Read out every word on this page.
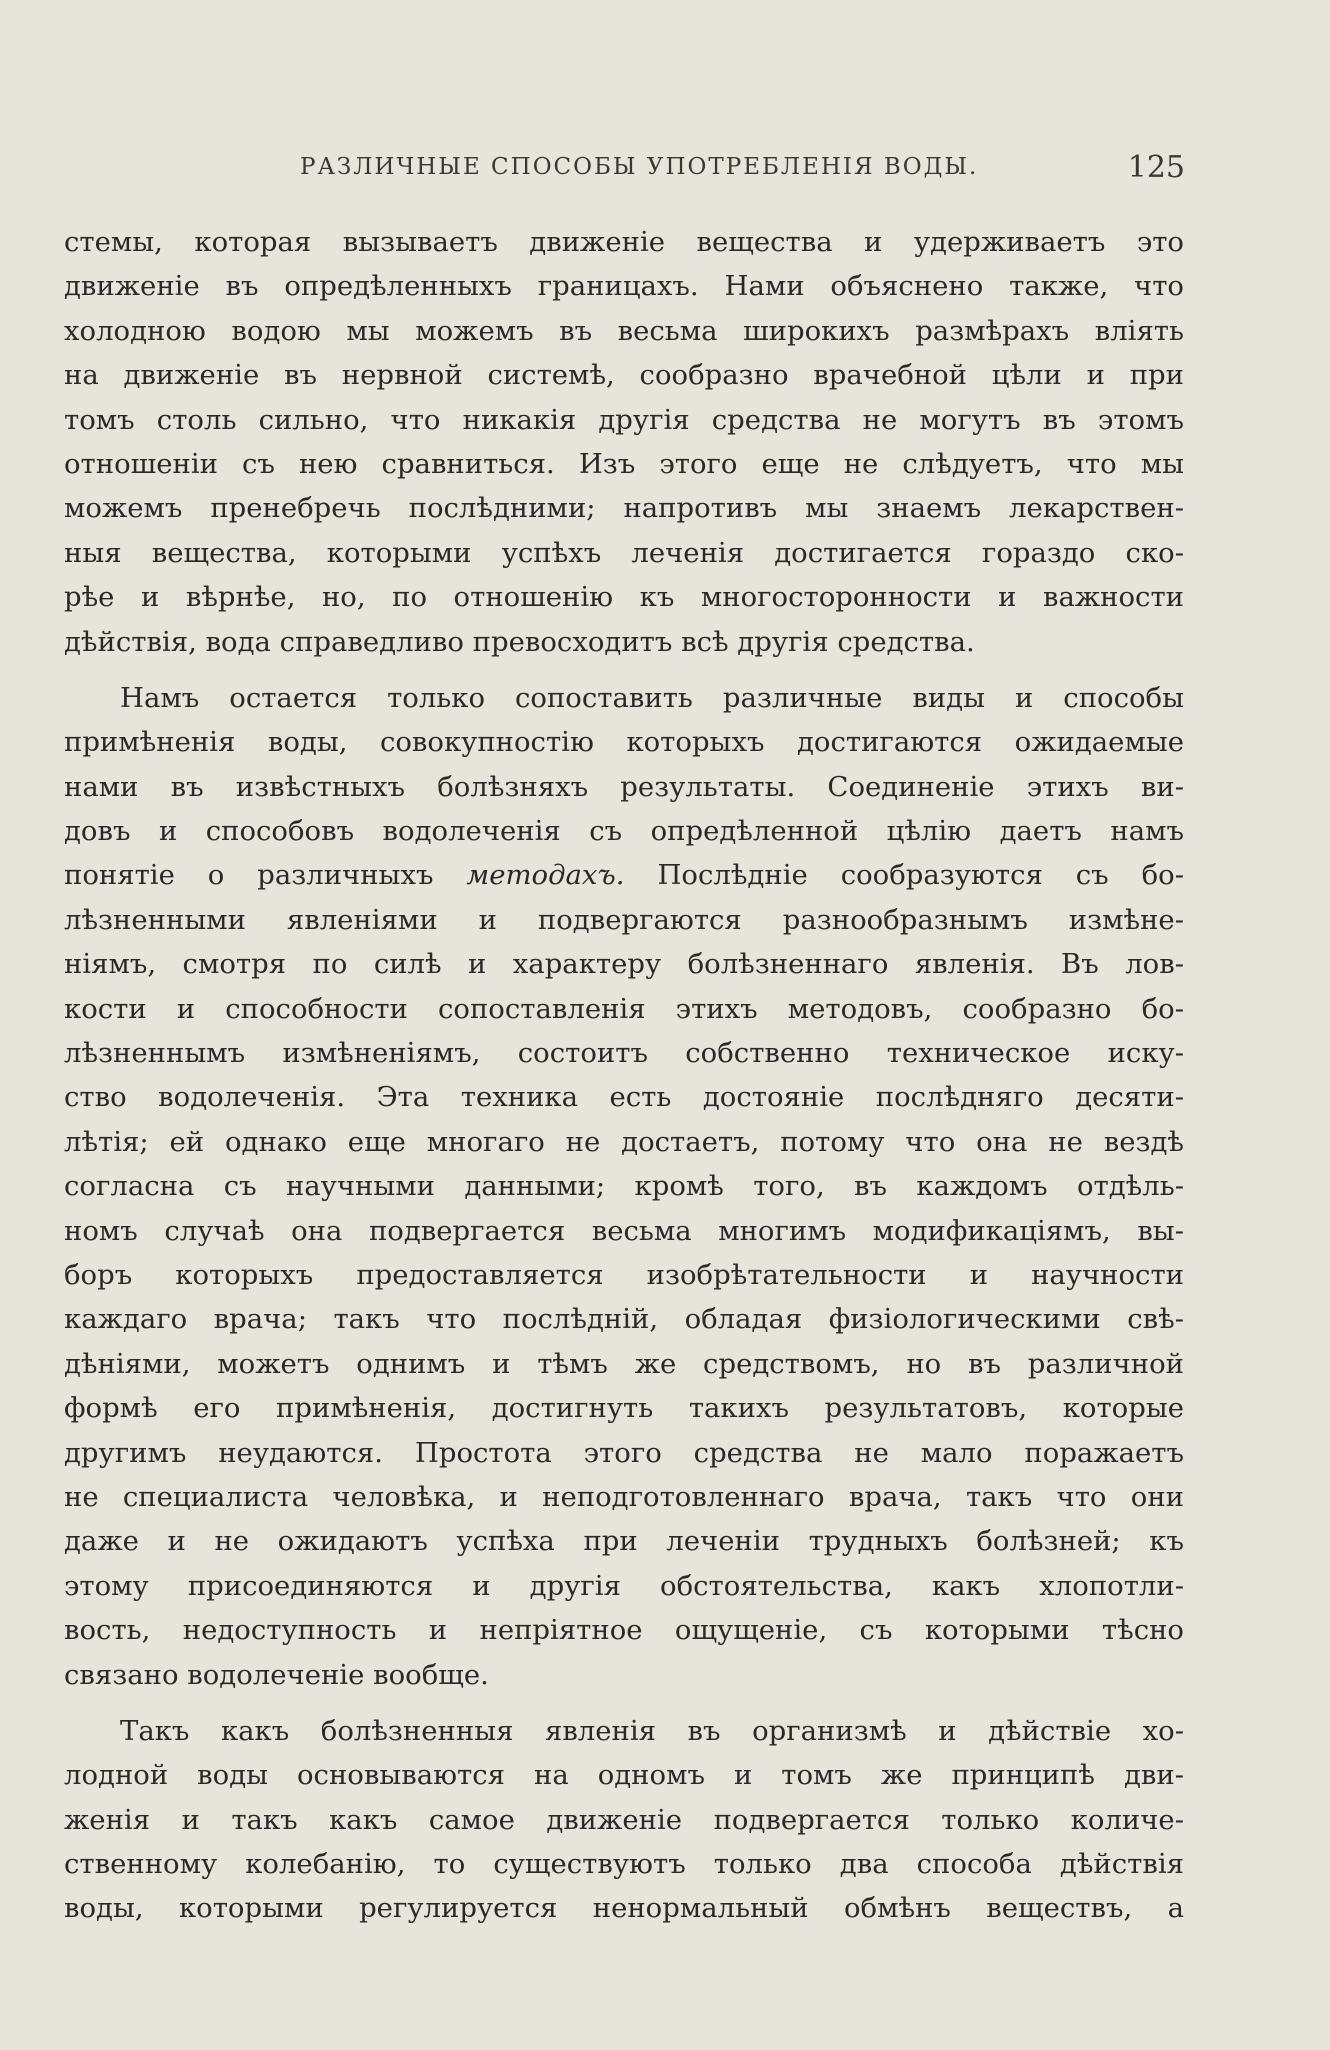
РАЗЛИЧНЫЕ СПОСОБЫ УПОТРЕБЛЕНІЯ ВОДЫ.	125
стемы, которая вызываетъ движеніе вещества и удерживаетъ это
движеніе въ опредѣленныхъ границахъ. Нами объяснено также, что
холодною водою мы можемъ въ весьма широкихъ размѣрахъ влiять
на движеніе въ нервной системѣ, сообразно врачебной цѣли и при
томъ столь сильно, что никакія другія средства не могутъ въ этомъ
отношеніи съ нею сравниться. Изъ этого еще не слѣдуетъ, что мы
можемъ пренебречь послѣдними; напротивъ мы знаемъ лекарствен-
ныя вещества, которыми успѣхъ леченія достигается гораздо ско-
рѣе и вѣрнѣе, но, по отношенію къ многосторонности и важности
дѣйствія, вода справедливо превосходитъ всѣ другія средства.
Намъ остается только сопоставить различные виды и способы
примѣненія воды, совокупностію которыхъ достигаются ожидаемые
нами въ извѣстныхъ болѣзняхъ результаты. Соединеніе этихъ ви-
довъ и способовъ водолеченія съ опредѣленной цѣлію даетъ намъ
понятіе о различныхъ методахъ. Послѣдніе сообразуются съ бо-
лѣзненными явленіями и подвергаются разнообразнымъ измѣне-
ніямъ, смотря по силѣ и характеру болѣзненнаго явленія. Въ лов-
кости и способности сопоставленія этихъ методовъ, сообразно бо-
лѣзненнымъ измѣненіямъ, состоитъ собственно техническое иску-
ство водолеченія. Эта техника есть достояніе послѣдняго десяти-
лѣтія; ей однако еще многаго не достаетъ, потому что она не вездѣ
согласна съ научными данными; кромѣ того, въ каждомъ отдѣль-
номъ случаѣ она подвергается весьма многимъ модификаціямъ, вы-
боръ которыхъ предоставляется изобрѣтательности и научности
каждаго врача; такъ что послѣдній, обладая физіологическими свѣ-
дѣніями, можетъ однимъ и тѣмъ же средствомъ, но въ различной
формѣ его примѣненія, достигнуть такихъ результатовъ, которые
другимъ неудаются. Простота этого средства не мало поражаетъ
не специалиста человѣка, и неподготовленнаго врача, такъ что они
даже и не ожидаютъ успѣха при леченіи трудныхъ болѣзней; къ
этому присоединяются и другія обстоятельства, какъ хлопотли-
вость, недоступность и непріятное ощущеніе, съ которыми тѣсно
связано водолеченіе вообще.
Такъ какъ болѣзненныя явленія въ организмѣ и дѣйствіе хо-
лодной воды основываются на одномъ и томъ же принципѣ дви-
женія и такъ какъ самое движеніе подвергается только количе-
ственному колебанію, то существуютъ только два способа дѣйствія
воды, которыми регулируется ненормальный обмѣнъ веществъ, а
